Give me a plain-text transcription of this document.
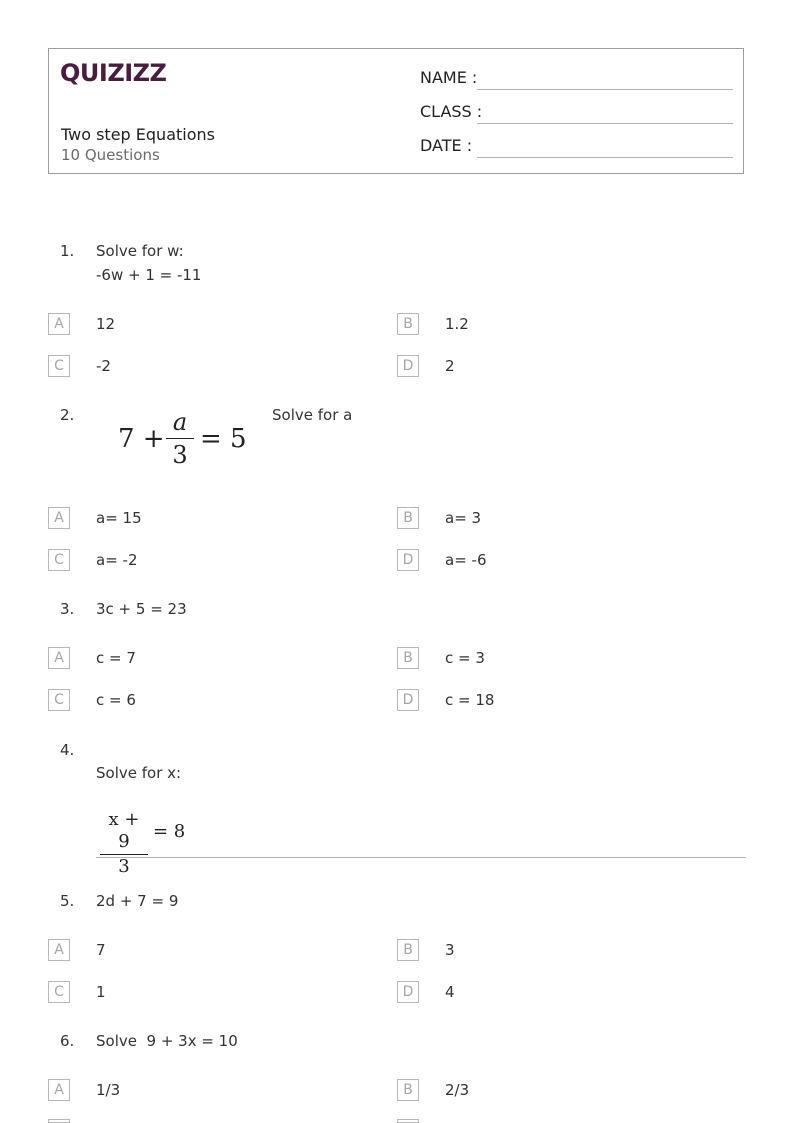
QUIZIZZ
Two step Equations
10 Questions
NAME :
CLASS :
DATE :
1. Solve for w:
-6w + 1 = -11
A	12	B	1.2
C	-2	D	2
2.
7 +
a
3
= 5
Solve for a
A	a= 15	B	a= 3
C	a= -2	D	a= -6
3. 3c + 5 = 23
A	c = 7	B	c = 3
C	c = 6	D	c = 18
4.
Solve for x:
x + 9
3
= 8
5. 2d + 7 = 9
A	7	B	3
C	1	D	4
6. Solve  9 + 3x = 10
A	1/3	B	2/3
